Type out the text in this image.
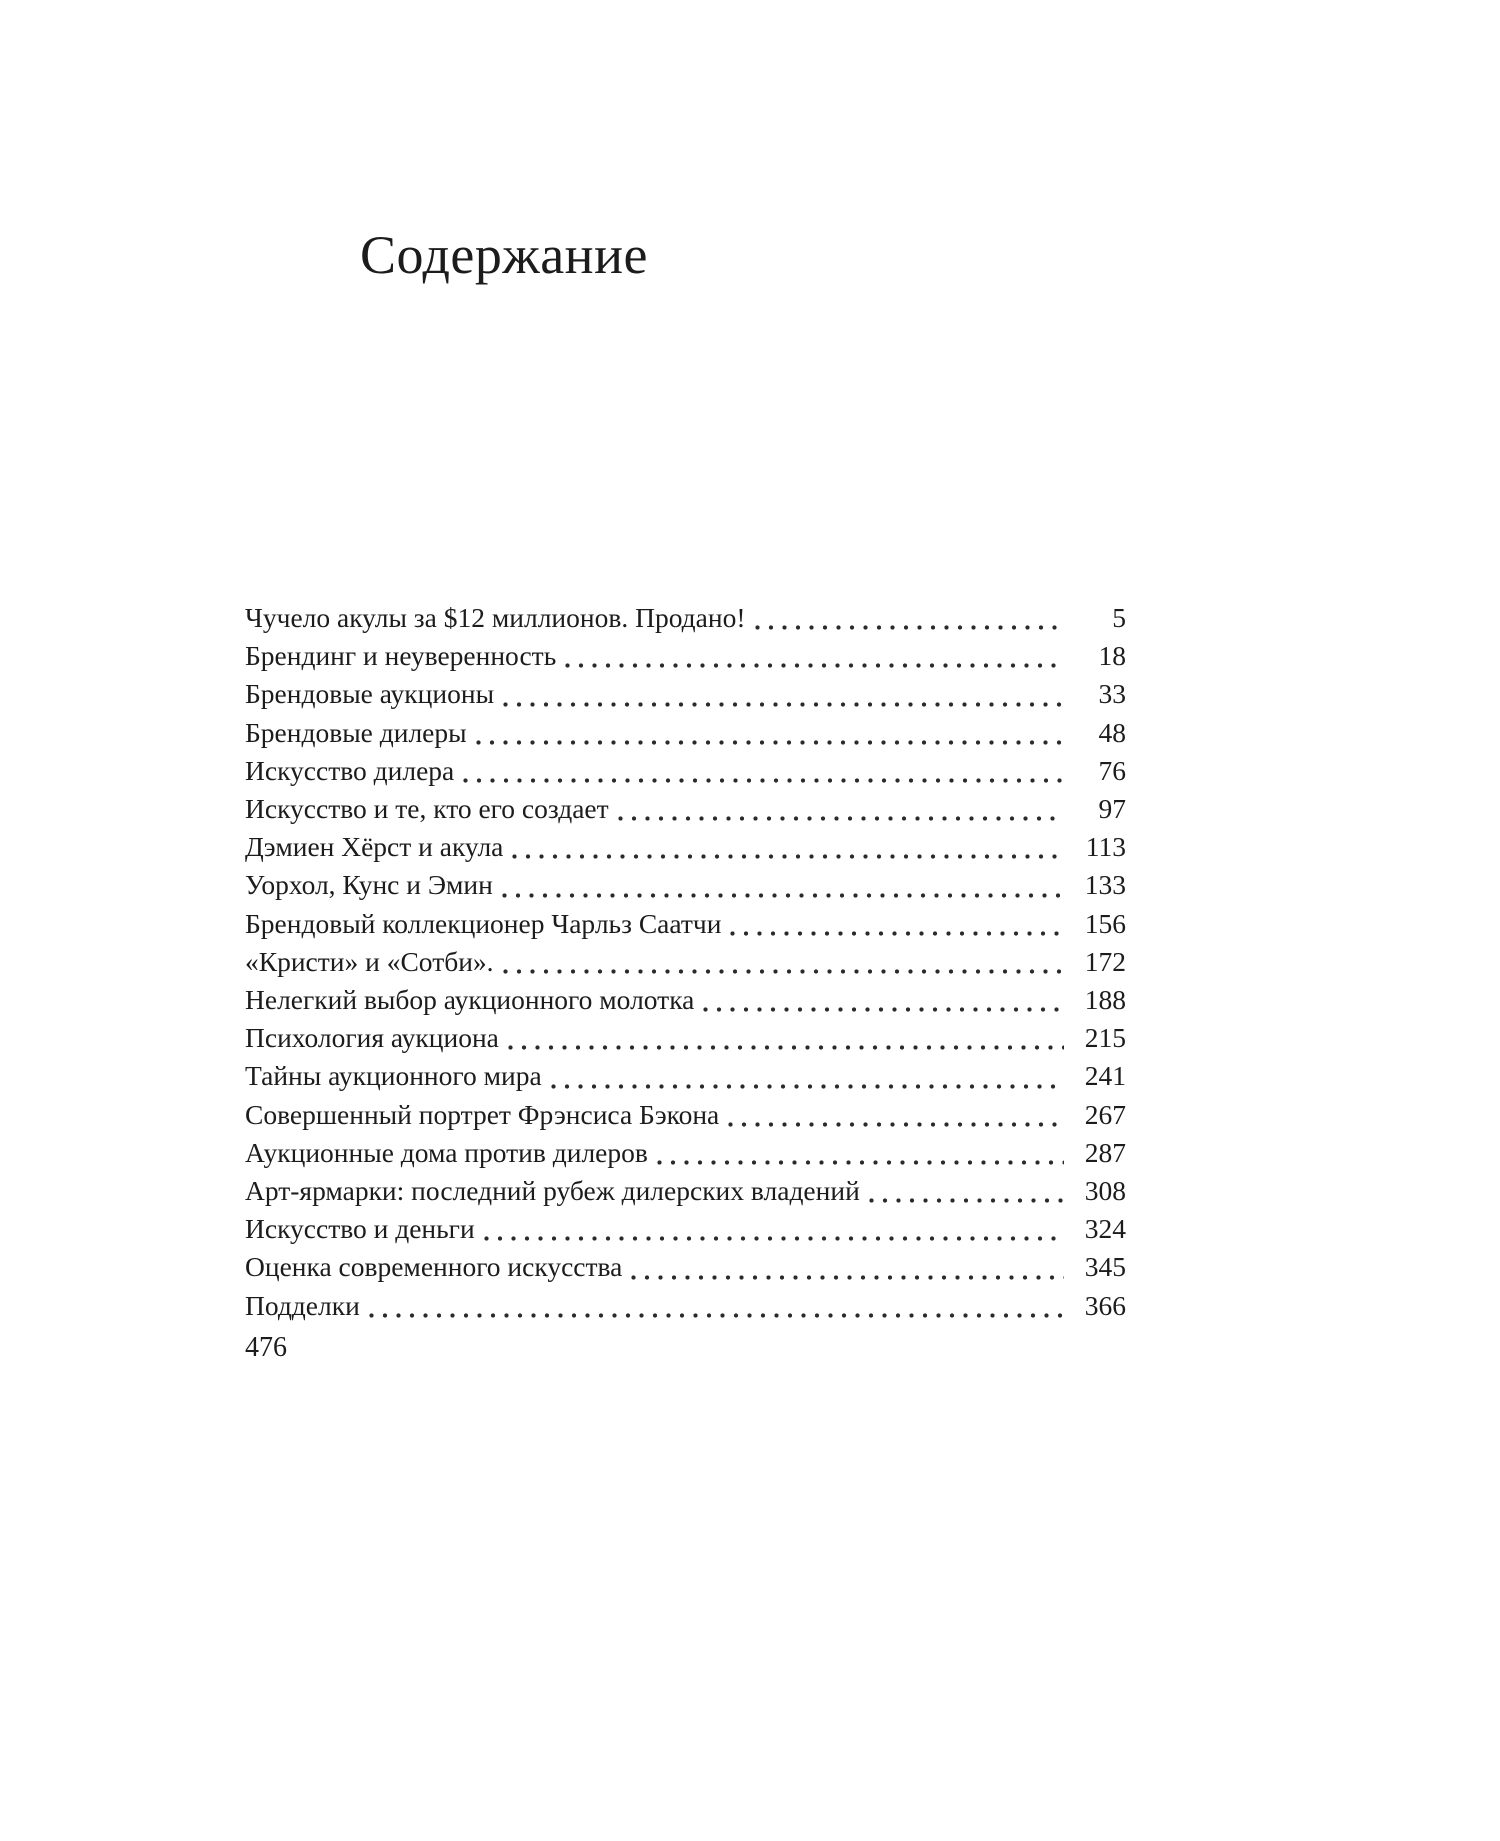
Содержание
Чучело акулы за $12 миллионов. Продано!	5
Брендинг и неуверенность	18
Брендовые аукционы	33
Брендовые дилеры	48
Искусство дилера	76
Искусство и те, кто его создает	97
Дэмиен Хёрст и акула	113
Уорхол, Кунс и Эмин	133
Брендовый коллекционер Чарльз Саатчи	156
«Кристи» и «Сотби».	172
Нелегкий выбор аукционного молотка	188
Психология аукциона	215
Тайны аукционного мира	241
Совершенный портрет Фрэнсиса Бэкона	267
Аукционные дома против дилеров	287
Арт-ярмарки: последний рубеж дилерских владений	308
Искусство и деньги	324
Оценка современного искусства	345
Подделки	366
476
